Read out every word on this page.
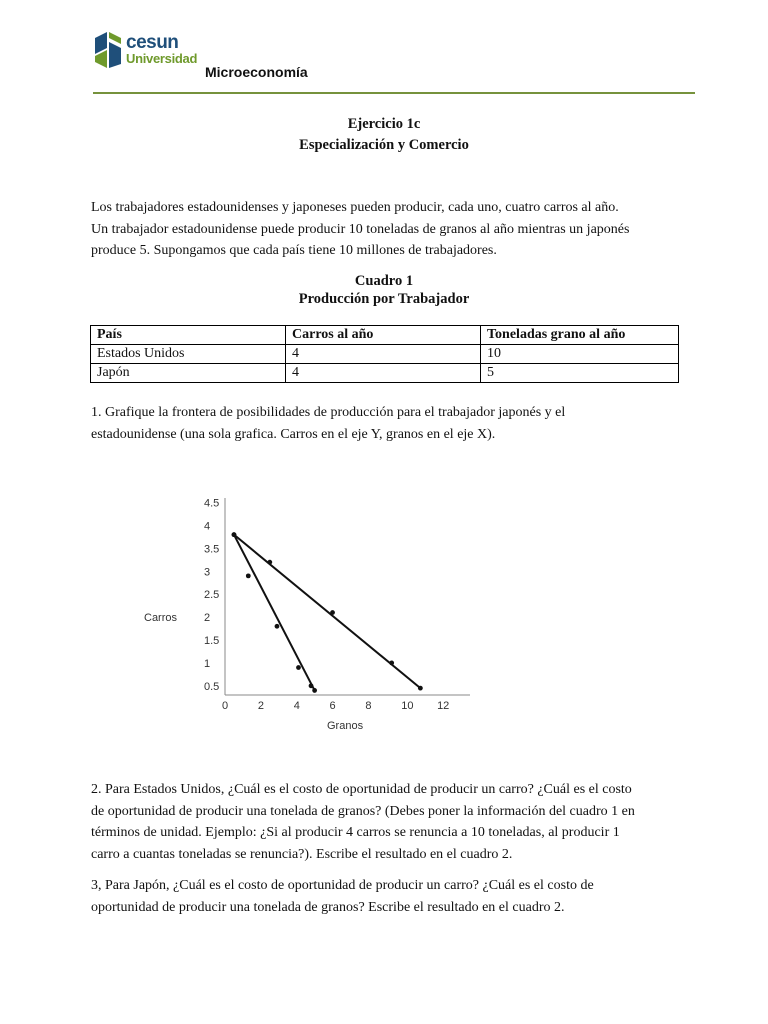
cesun
Universidad
Microeconomía
Ejercicio 1c
Especialización y Comercio
Los trabajadores estadounidenses y japoneses pueden producir, cada uno, cuatro carros al año.
Un trabajador estadounidense puede producir 10 toneladas de granos al año mientras un japonés
produce 5. Supongamos que cada país tiene 10 millones de trabajadores.
Cuadro 1
Producción por Trabajador
País	Carros al año	Toneladas grano al año
Estados Unidos	4	10
Japón	4	5
1. Grafique la frontera de posibilidades de producción para el trabajador japonés y el
estadounidense (una sola grafica. Carros en el eje Y, granos en el eje X).
0.5
1
1.5
2
2.5
3
3.5
4
4.5
0	2	4	6	8	10 12
Carros
Granos
2. Para Estados Unidos, ¿Cuál es el costo de oportunidad de producir un carro? ¿Cuál es el costo
de oportunidad de producir una tonelada de granos? (Debes poner la información del cuadro 1 en
términos de unidad. Ejemplo: ¿Si al producir 4 carros se renuncia a 10 toneladas, al producir 1
carro a cuantas toneladas se renuncia?). Escribe el resultado en el cuadro 2.
3, Para Japón, ¿Cuál es el costo de oportunidad de producir un carro? ¿Cuál es el costo de
oportunidad de producir una tonelada de granos? Escribe el resultado en el cuadro 2.
